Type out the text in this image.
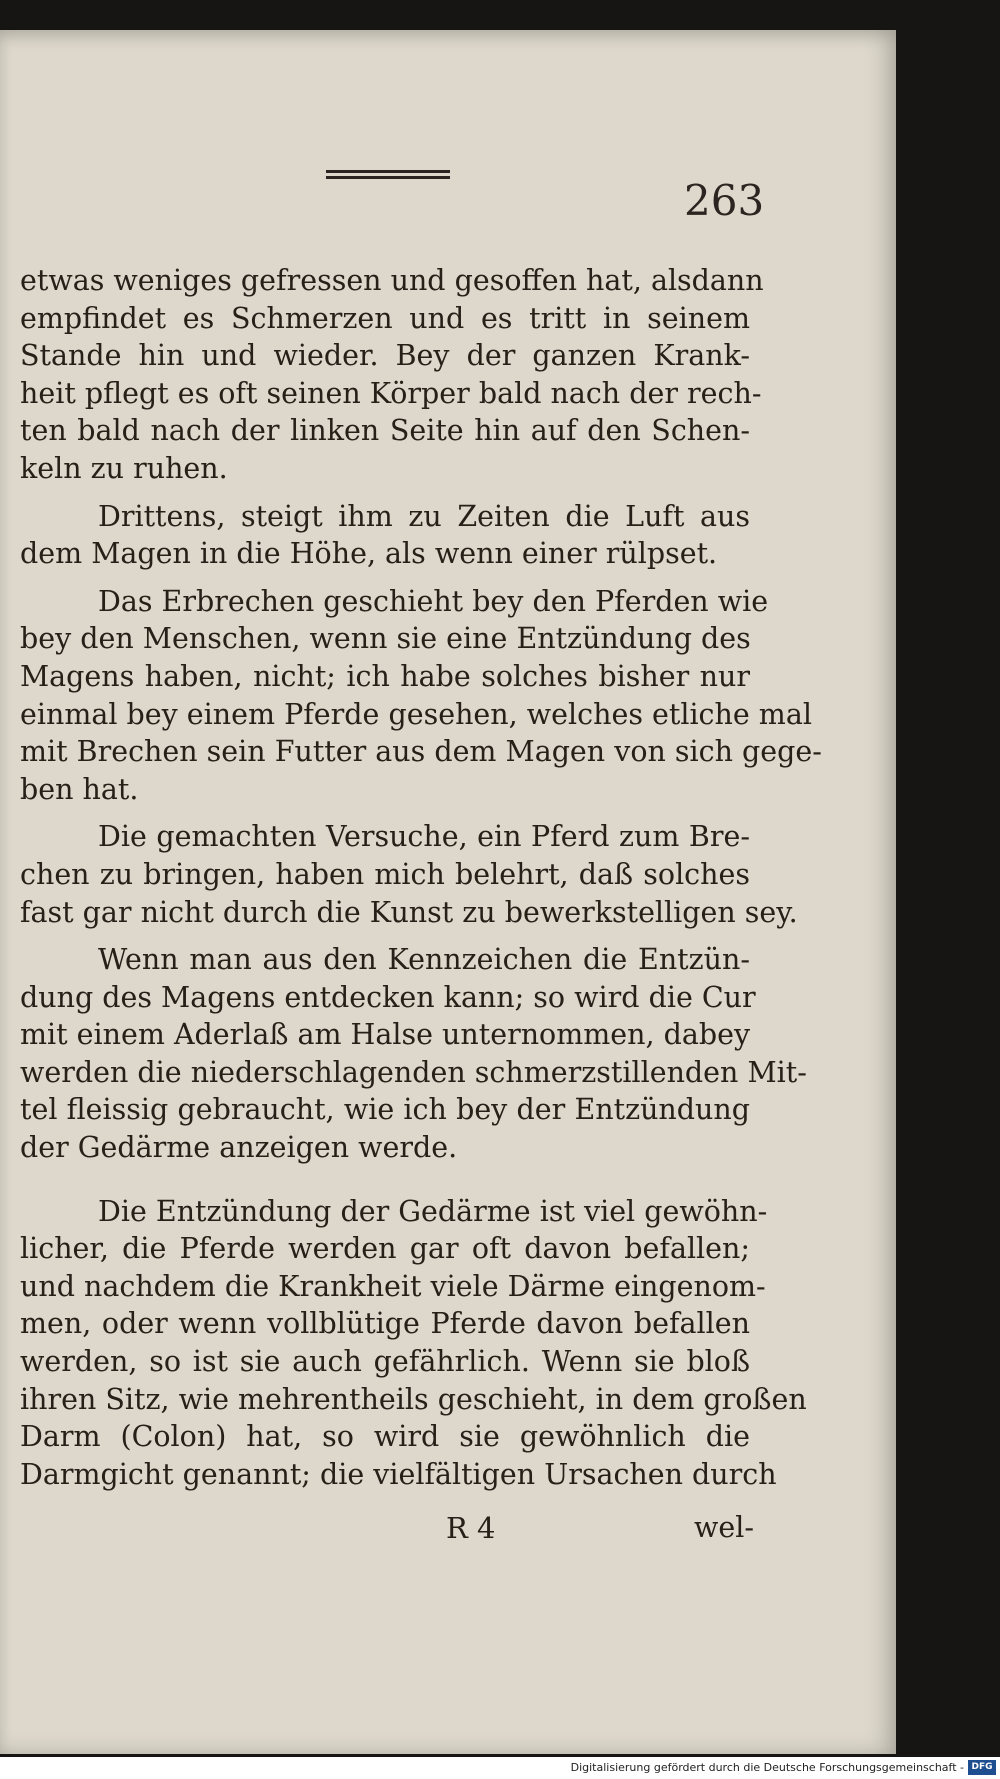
263
etwas weniges gefressen und gesoffen hat, alsdann
empfindet es Schmerzen und es tritt in seinem
Stande hin und wieder. Bey der ganzen Krank-
heit pflegt es oft seinen Körper bald nach der rech-
ten bald nach der linken Seite hin auf den Schen-
keln zu ruhen.
Drittens, steigt ihm zu Zeiten die Luft aus
dem Magen in die Höhe, als wenn einer rülpset.
Das Erbrechen geschieht bey den Pferden wie
bey den Menschen, wenn sie eine Entzündung des
Magens haben, nicht; ich habe solches bisher nur
einmal bey einem Pferde gesehen, welches etliche mal
mit Brechen sein Futter aus dem Magen von sich gege-
ben hat.
Die gemachten Versuche, ein Pferd zum Bre-
chen zu bringen, haben mich belehrt, daß solches
fast gar nicht durch die Kunst zu bewerkstelligen sey.
Wenn man aus den Kennzeichen die Entzün-
dung des Magens entdecken kann; so wird die Cur
mit einem Aderlaß am Halse unternommen, dabey
werden die niederschlagenden schmerzstillenden Mit-
tel fleissig gebraucht, wie ich bey der Entzündung
der Gedärme anzeigen werde.
Die Entzündung der Gedärme ist viel gewöhn-
licher, die Pferde werden gar oft davon befallen;
und nachdem die Krankheit viele Därme eingenom-
men, oder wenn vollblütige Pferde davon befallen
werden, so ist sie auch gefährlich. Wenn sie bloß
ihren Sitz, wie mehrentheils geschieht, in dem großen
Darm (Colon) hat, so wird sie gewöhnlich die
Darmgicht genannt; die vielfältigen Ursachen durch
R 4	wel-
Digitalisierung gefördert durch die Deutsche Forschungsgemeinschaft - DFG
